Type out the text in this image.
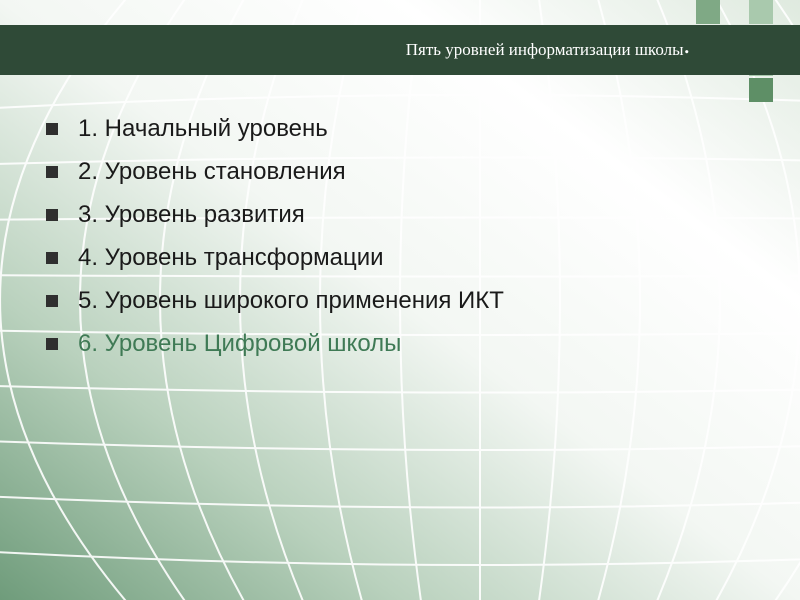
Пять уровней информатизации школы .
1. Начальный уровень
2. Уровень становления
3. Уровень развития
4. Уровень трансформации
5. Уровень широкого применения ИКТ
6. Уровень Цифровой школы
